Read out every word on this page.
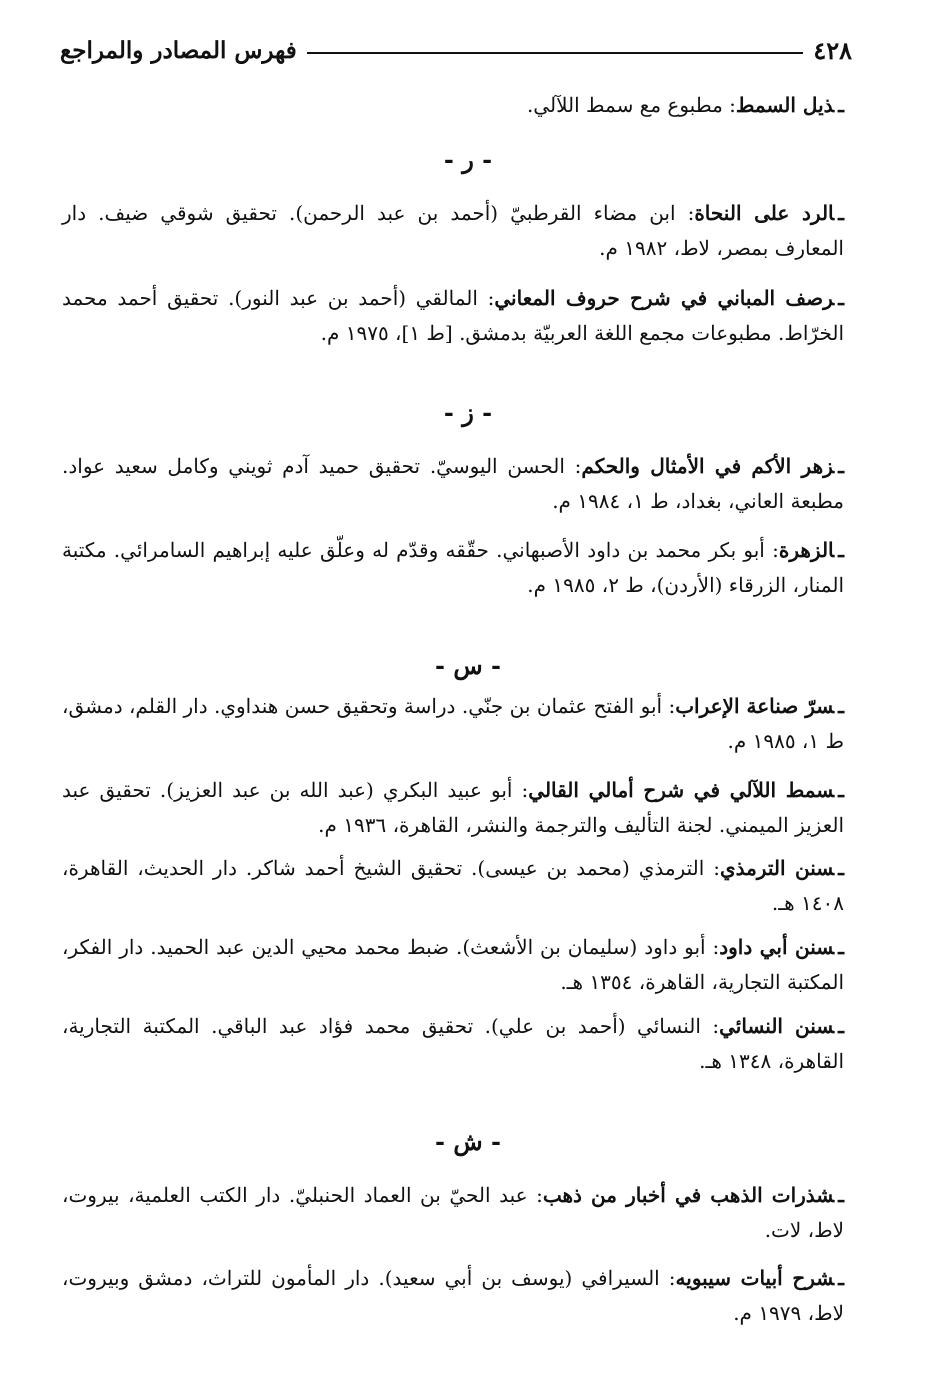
٤٢٨
فهرس المصادر والمراجع
ـذيل السمط: مطبوع مع سمط اللآلي.
- ر -
ـالرد على النحاة: ابن مضاء القرطبيّ (أحمد بن عبد الرحمن). تحقيق شوقي ضيف. دار المعارف بمصر، لاط، ١٩٨٢ م.
ـرصف المباني في شرح حروف المعاني: المالقي (أحمد بن عبد النور). تحقيق أحمد محمد الخرّاط. مطبوعات مجمع اللغة العربيّة بدمشق. [ط ١]، ١٩٧٥ م.
- ز -
ـزهر الأكم في الأمثال والحكم: الحسن اليوسيّ. تحقيق حميد آدم ثويني وكامل سعيد عواد. مطبعة العاني، بغداد، ط ١، ١٩٨٤ م.
ـالزهرة: أبو بكر محمد بن داود الأصبهاني. حقّقه وقدّم له وعلّق عليه إبراهيم السامرائي. مكتبة المنار، الزرقاء (الأردن)، ط ٢، ١٩٨٥ م.
- س -
ـسرّ صناعة الإعراب: أبو الفتح عثمان بن جنّي. دراسة وتحقيق حسن هنداوي. دار القلم، دمشق، ط ١، ١٩٨٥ م.
ـسمط اللآلي في شرح أمالي القالي: أبو عبيد البكري (عبد الله بن عبد العزيز). تحقيق عبد العزيز الميمني. لجنة التأليف والترجمة والنشر، القاهرة، ١٩٣٦ م.
ـسنن الترمذي: الترمذي (محمد بن عيسى). تحقيق الشيخ أحمد شاكر. دار الحديث، القاهرة، ١٤٠٨ هـ.
ـسنن أبي داود: أبو داود (سليمان بن الأشعث). ضبط محمد محيي الدين عبد الحميد. دار الفكر، المكتبة التجارية، القاهرة، ١٣٥٤ هـ.
ـسنن النسائي: النسائي (أحمد بن علي). تحقيق محمد فؤاد عبد الباقي. المكتبة التجارية، القاهرة، ١٣٤٨ هـ.
- ش -
ـشذرات الذهب في أخبار من ذهب: عبد الحيّ بن العماد الحنبليّ. دار الكتب العلمية، بيروت، لاط، لات.
ـشرح أبيات سيبويه: السيرافي (يوسف بن أبي سعيد). دار المأمون للتراث، دمشق وبيروت، لاط، ١٩٧٩ م.
